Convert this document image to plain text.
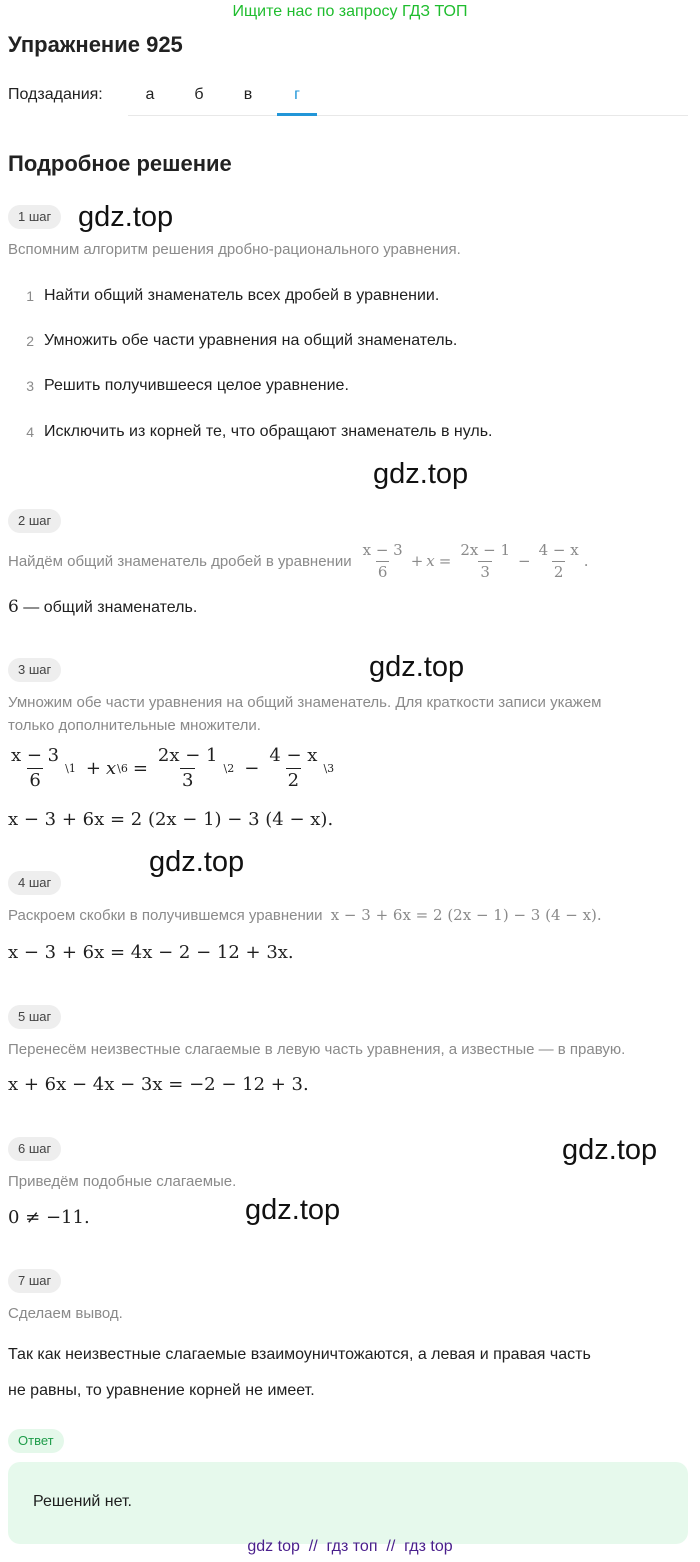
Ищите нас по запросу ГДЗ ТОП
Упражнение 925
Подзадания:	а	б	в	г
Подробное решение
1 шаг gdz.top
Вспомним алгоритм решения дробно-рационального уравнения.
1 Найти общий знаменатель всех дробей в уравнении.
2 Умножить обе части уравнения на общий знаменатель.
3 Решить получившееся целое уравнение.
4 Исключить из корней те, что обращают знаменатель в нуль.
gdz.top
2 шаг
Найдём общий знаменатель дробей в уравнении $\frac{x - 3}{6} + x = \frac{2x - 1}{3} - \frac{4 - x}{2}$ .
6 — общий знаменатель.
3 шаг	gdz.top
Умножим обе части уравнения на общий знаменатель. Для краткости записи укажем
только дополнительные множители.
$\frac{x - 3}{6}$ \1 + x \6 = $\frac{2x - 1}{3}$ \2 − $\frac{4 - x}{2}$ \3
x − 3 + 6x = 2 (2x − 1) − 3 (4 − x).
gdz.top
4 шаг
Раскроем скобки в получившемся уравнении x − 3 + 6x = 2 (2x − 1) − 3 (4 − x).
x − 3 + 6x = 4x − 2 − 12 + 3x.
5 шаг
Перенесём неизвестные слагаемые в левую часть уравнения, а известные — в правую.
x + 6x − 4x − 3x = −2 − 12 + 3.
6 шаг	gdz.top
Приведём подобные слагаемые.
0 ≠ −11.	gdz.top
7 шаг
Сделаем вывод.
Так как неизвестные слагаемые взаимоуничтожаются, а левая и правая часть
не равны, то уравнение корней не имеет.
Ответ
Решений нет.
gdz top  //  гдз топ  //  гдз top
